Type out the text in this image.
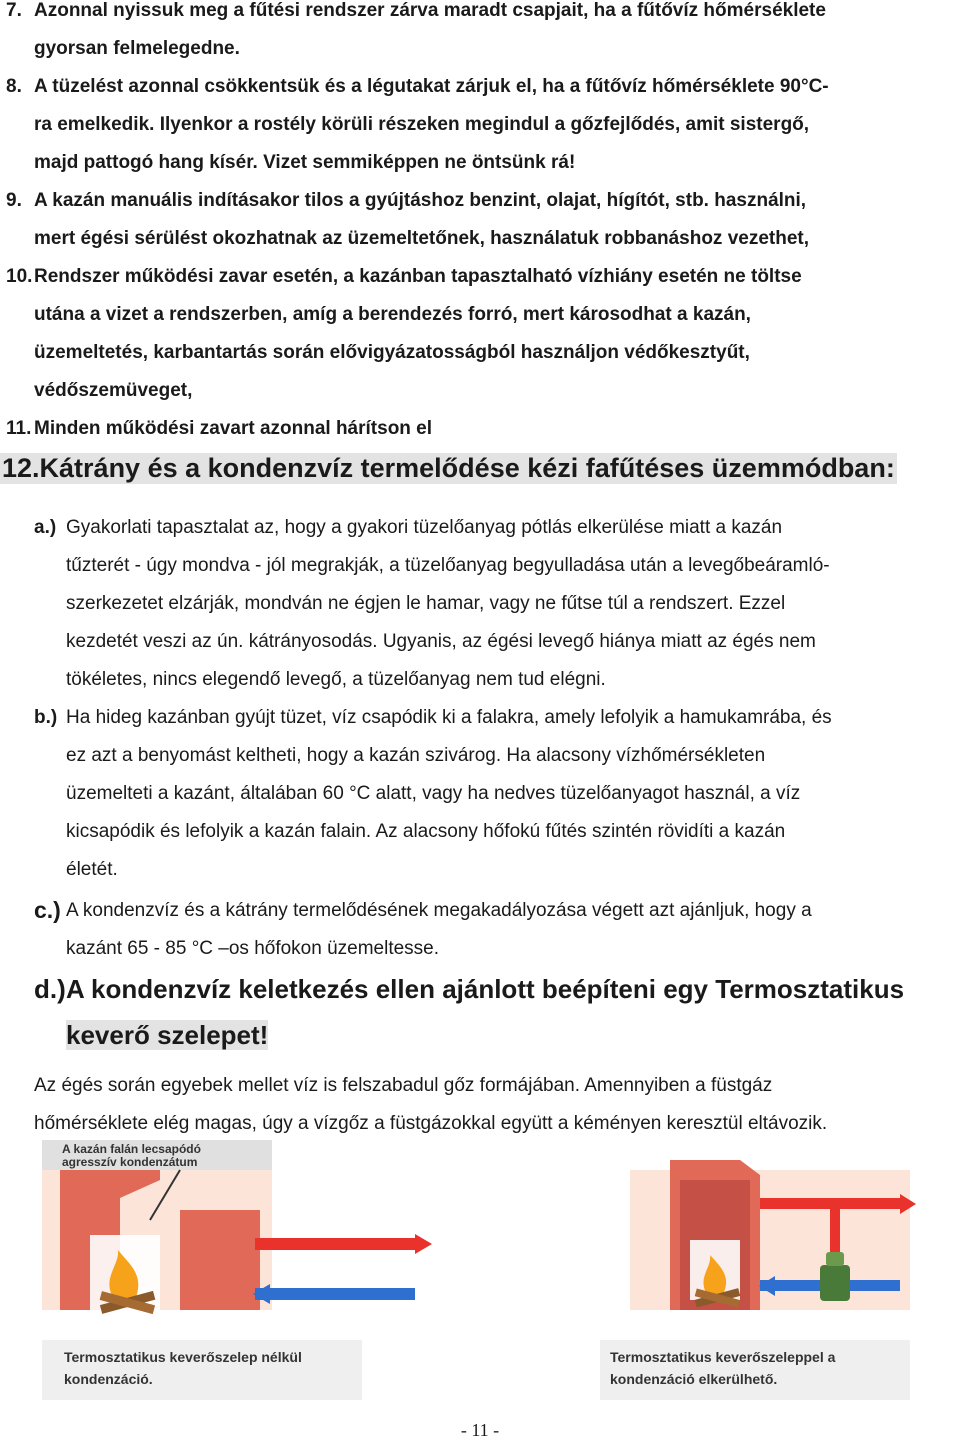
7. Azonnal nyissuk meg a fűtési rendszer zárva maradt csapjait, ha a fűtővíz hőmérséklete
gyorsan felmelegedne.
8. A tüzelést azonnal csökkentsük és a légutakat zárjuk el, ha a fűtővíz hőmérséklete 90°C-
ra emelkedik. Ilyenkor a rostély körüli részeken megindul a gőzfejlődés, amit sistergő,
majd pattogó hang kísér. Vizet semmiképpen ne öntsünk rá!
9. A kazán manuális indításakor tilos a gyújtáshoz benzint, olajat, hígítót, stb. használni,
mert égési sérülést okozhatnak az üzemeltetőnek, használatuk robbanáshoz vezethet,
10. Rendszer működési zavar esetén, a kazánban tapasztalható vízhiány esetén ne töltse
utána a vizet a rendszerben, amíg a berendezés forró, mert károsodhat a kazán,
üzemeltetés, karbantartás során elővigyázatosságból használjon védőkesztyűt,
védőszemüveget,
11. Minden működési zavart azonnal hárítson el
12.Kátrány és a kondenzvíz termelődése kézi fafűtéses üzemmódban:
a.) Gyakorlati tapasztalat az, hogy a gyakori tüzelőanyag pótlás elkerülése miatt a kazán
tűzterét - úgy mondva - jól megrakják, a tüzelőanyag begyulladása után a levegőbeáramló-
szerkezetet elzárják, mondván ne égjen le hamar, vagy ne fűtse túl a rendszert. Ezzel
kezdetét veszi az ún. kátrányosodás. Ugyanis, az égési levegő hiánya miatt az égés nem
tökéletes, nincs elegendő levegő, a tüzelőanyag nem tud elégni.
b.) Ha hideg kazánban gyújt tüzet, víz csapódik ki a falakra, amely lefolyik a hamukamrába, és
ez azt a benyomást keltheti, hogy a kazán szivárog. Ha alacsony vízhőmérsékleten
üzemelteti a kazánt, általában 60 °C alatt, vagy ha nedves tüzelőanyagot használ, a víz
kicsapódik és lefolyik a kazán falain. Az alacsony hőfokú fűtés szintén rövidíti a kazán
életét.
c.) A kondenzvíz és a kátrány termelődésének megakadályozása végett azt ajánljuk, hogy a
kazánt 65 - 85 °C –os hőfokon üzemeltesse.
d.) A kondenzvíz keletkezés ellen ajánlott beépíteni egy Termosztatikus
keverő szelepet!
Az égés során egyebek mellet víz is felszabadul gőz formájában. Amennyiben a füstgáz
hőmérséklete elég magas, úgy a vízgőz a füstgázokkal együtt a kéményen keresztül eltávozik.
A kazán falán lecsapódó
agresszív kondenzátum
Termosztatikus keverőszelep nélkül
kondenzáció.
Termosztatikus keverőszeleppel a
kondenzáció elkerülhető.
- 11 -
